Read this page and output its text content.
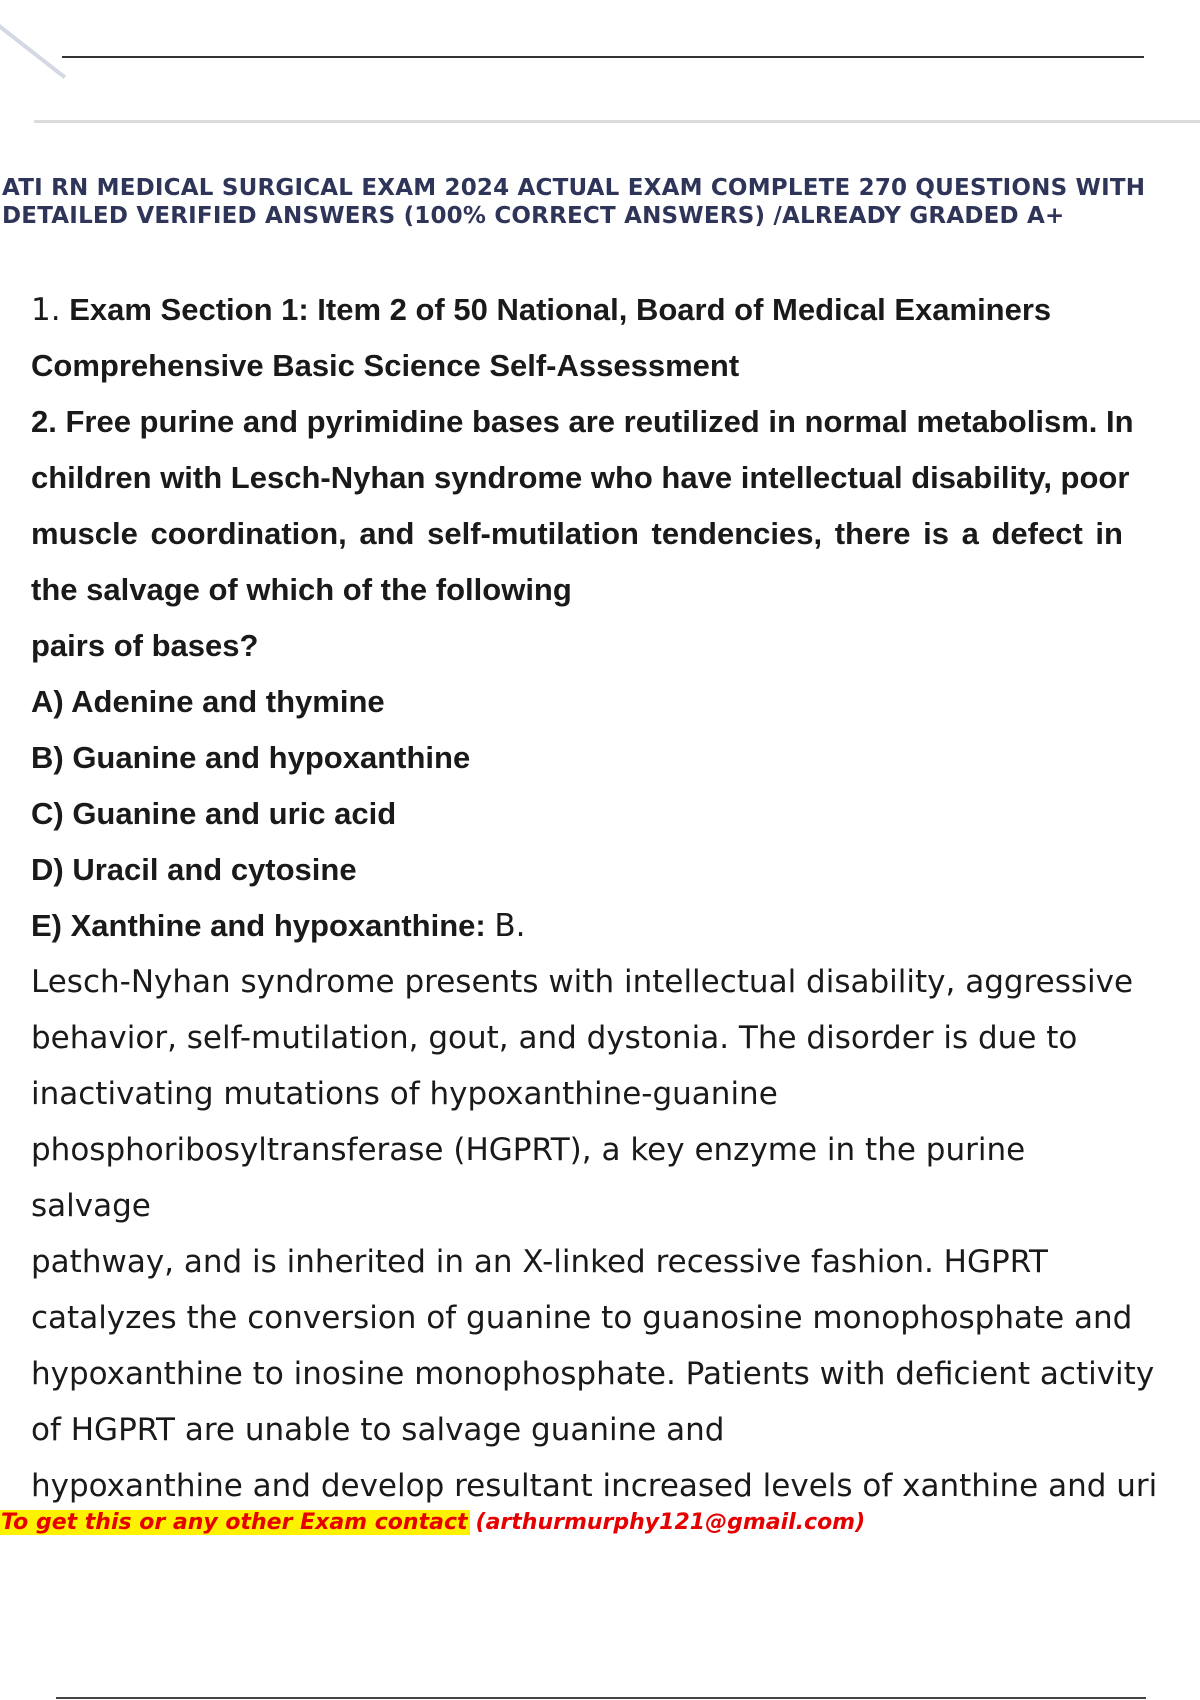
ATI RN MEDICAL SURGICAL EXAM 2024 ACTUAL EXAM COMPLETE 270 QUESTIONS WITH
DETAILED VERIFIED ANSWERS (100% CORRECT ANSWERS) /ALREADY GRADED A+
1. Exam Section 1: Item 2 of 50 National, Board of Medical Examiners
Comprehensive Basic Science Self-Assessment
2. Free purine and pyrimidine bases are reutilized in normal metabolism. In
children with Lesch-Nyhan syndrome who have intellectual disability, poor
muscle coordination, and self-mutilation tendencies, there is a defect in
the salvage of which of the following
pairs of bases?
A) Adenine and thymine
B) Guanine and hypoxanthine
C) Guanine and uric acid
D) Uracil and cytosine
E) Xanthine and hypoxanthine: B.
Lesch-Nyhan syndrome presents with intellectual disability, aggressive
behavior, self-mutilation, gout, and dystonia. The disorder is due to
inactivating mutations of hypoxanthine-guanine
phosphoribosyltransferase (HGPRT), a key enzyme in the purine
salvage
pathway, and is inherited in an X-linked recessive fashion. HGPRT
catalyzes the conversion of guanine to guanosine monophosphate and
hypoxanthine to inosine monophosphate. Patients with deficient activity
of HGPRT are unable to salvage guanine and
hypoxanthine and develop resultant increased levels of xanthine and uri
To get this or any other Exam contact (arthurmurphy121@gmail.com)
